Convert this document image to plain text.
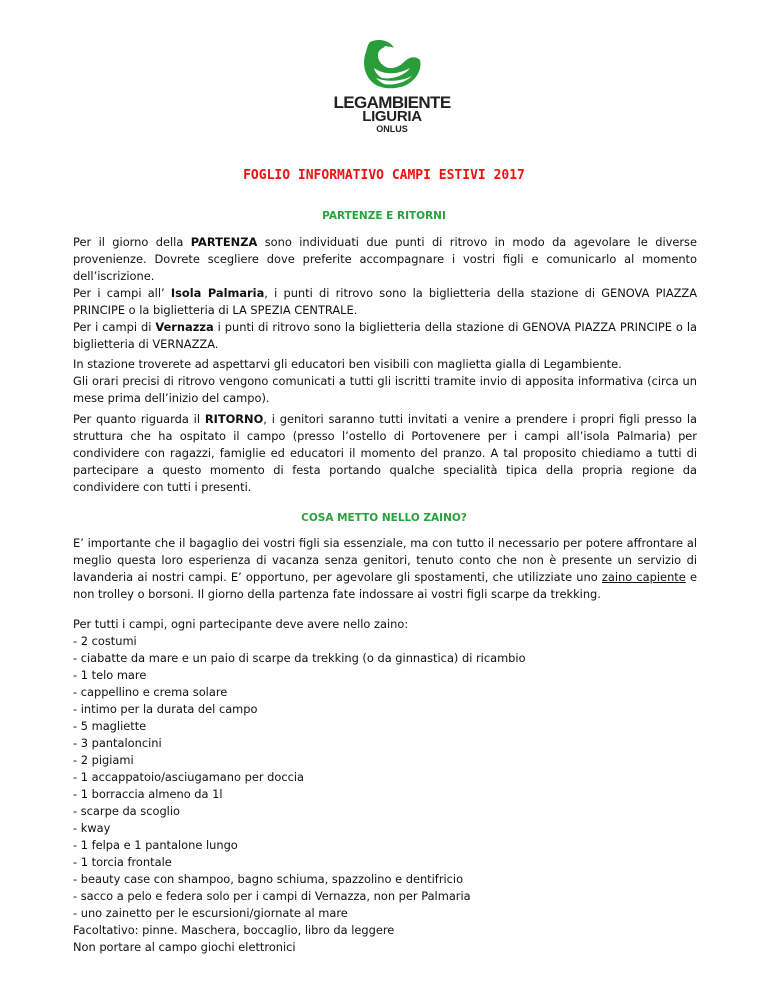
LEGAMBIENTE
LIGURIA
ONLUS
FOGLIO INFORMATIVO CAMPI ESTIVI 2017
PARTENZE E RITORNI

Per il giorno della PARTENZA sono individuati due punti di ritrovo in modo da agevolare le diverse provenienze. Dovrete scegliere dove preferite accompagnare i vostri figli e comunicarlo al momento dell’iscrizione.

Per i campi all’ Isola Palmaria, i punti di ritrovo sono la biglietteria della stazione di GENOVA PIAZZA PRINCIPE o la biglietteria di LA SPEZIA CENTRALE.

Per i campi di Vernazza i punti di ritrovo sono la biglietteria della stazione di GENOVA PIAZZA PRINCIPE o la biglietteria di VERNAZZA.

In stazione troverete ad aspettarvi gli educatori ben visibili con maglietta gialla di Legambiente.

Gli orari precisi di ritrovo vengono comunicati a tutti gli iscritti tramite invio di apposita informativa (circa un mese prima dell’inizio del campo).

Per quanto riguarda il RITORNO, i genitori saranno tutti invitati a venire a prendere i propri figli presso la struttura che ha ospitato il campo (presso l’ostello di Portovenere per i campi all’isola Palmaria) per condividere con ragazzi, famiglie ed educatori il momento del pranzo. A tal proposito chiediamo a tutti di partecipare a questo momento di festa portando qualche specialità tipica della propria regione da condividere con tutti i presenti.

COSA METTO NELLO ZAINO?

E’ importante che il bagaglio dei vostri figli sia essenziale, ma con tutto il necessario per potere affrontare al meglio questa loro esperienza di vacanza senza genitori, tenuto conto che non è presente un servizio di lavanderia ai nostri campi. E’ opportuno, per agevolare gli spostamenti, che utilizziate uno zaino capiente e non trolley o borsoni. Il giorno della partenza fate indossare ai vostri figli scarpe da trekking.

Per tutti i campi, ogni partecipante deve avere nello zaino:
- 2 costumi
- ciabatte da mare e un paio di scarpe da trekking (o da ginnastica) di ricambio
- 1 telo mare
- cappellino e crema solare
- intimo per la durata del campo
- 5 magliette
- 3 pantaloncini
- 2 pigiami
- 1 accappatoio/asciugamano per doccia
- 1 borraccia almeno da 1l
- scarpe da scoglio
- kway
- 1 felpa e 1 pantalone lungo
- 1 torcia frontale
- beauty case con shampoo, bagno schiuma, spazzolino e dentifricio
- sacco a pelo e federa solo per i campi di Vernazza, non per Palmaria
- uno zainetto per le escursioni/giornate al mare
Facoltativo: pinne. Maschera, boccaglio, libro da leggere
Non portare al campo giochi elettronici
